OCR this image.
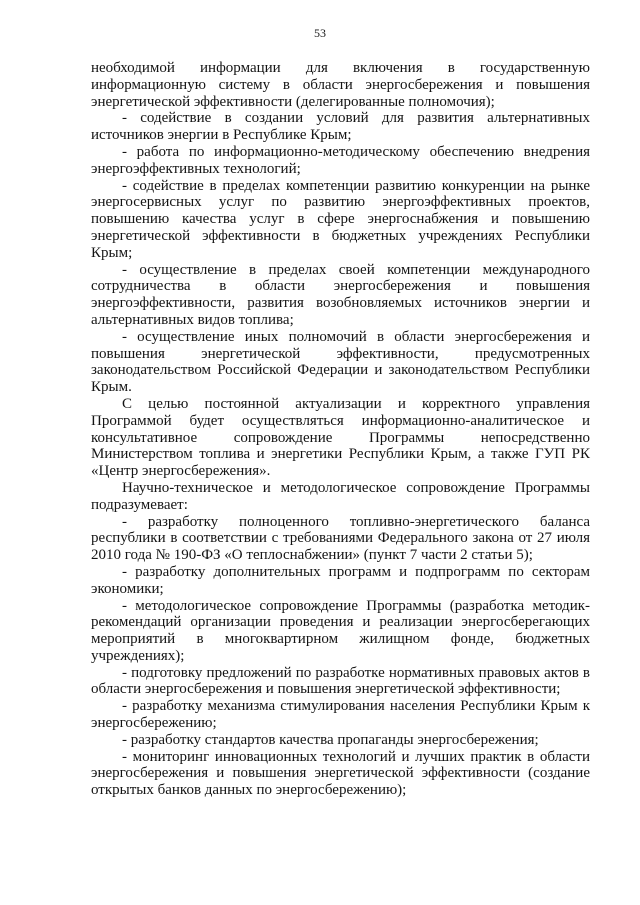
53

необходимой информации для включения в государственную информационную систему в области энергосбережения и повышения энергетической эффективности (делегированные полномочия);

- содействие в создании условий для развития альтернативных источников энергии в Республике Крым;

- работа по информационно-методическому обеспечению внедрения энергоэффективных технологий;

- содействие в пределах компетенции развитию конкуренции на рынке энергосервисных услуг по развитию энергоэффективных проектов, повышению качества услуг в сфере энергоснабжения и повышению энергетической эффективности в бюджетных учреждениях Республики Крым;

- осуществление в пределах своей компетенции международного сотрудничества в области энергосбережения и повышения энергоэффективности, развития возобновляемых источников энергии и альтернативных видов топлива;

- осуществление иных полномочий в области энергосбережения и повышения энергетической эффективности, предусмотренных законодательством Российской Федерации и законодательством Республики Крым.

С целью постоянной актуализации и корректного управления Программой будет осуществляться информационно-аналитическое и консультативное сопровождение Программы непосредственно Министерством топлива и энергетики Республики Крым, а также ГУП РК «Центр энергосбережения».

Научно-техническое и методологическое сопровождение Программы подразумевает:

- разработку полноценного топливно-энергетического баланса республики в соответствии с требованиями Федерального закона от 27 июля 2010 года № 190-ФЗ «О теплоснабжении» (пункт 7 части 2 статьи 5);

- разработку дополнительных программ и подпрограмм по секторам экономики;

- методологическое сопровождение Программы (разработка методик-рекомендаций организации проведения и реализации энергосберегающих мероприятий в многоквартирном жилищном фонде, бюджетных учреждениях);

- подготовку предложений по разработке нормативных правовых актов в области энергосбережения и повышения энергетической эффективности;

- разработку механизма стимулирования населения Республики Крым к энергосбережению;

- разработку стандартов качества пропаганды энергосбережения;

- мониторинг инновационных технологий и лучших практик в области энергосбережения и повышения энергетической эффективности (создание открытых банков данных по энергосбережению);
